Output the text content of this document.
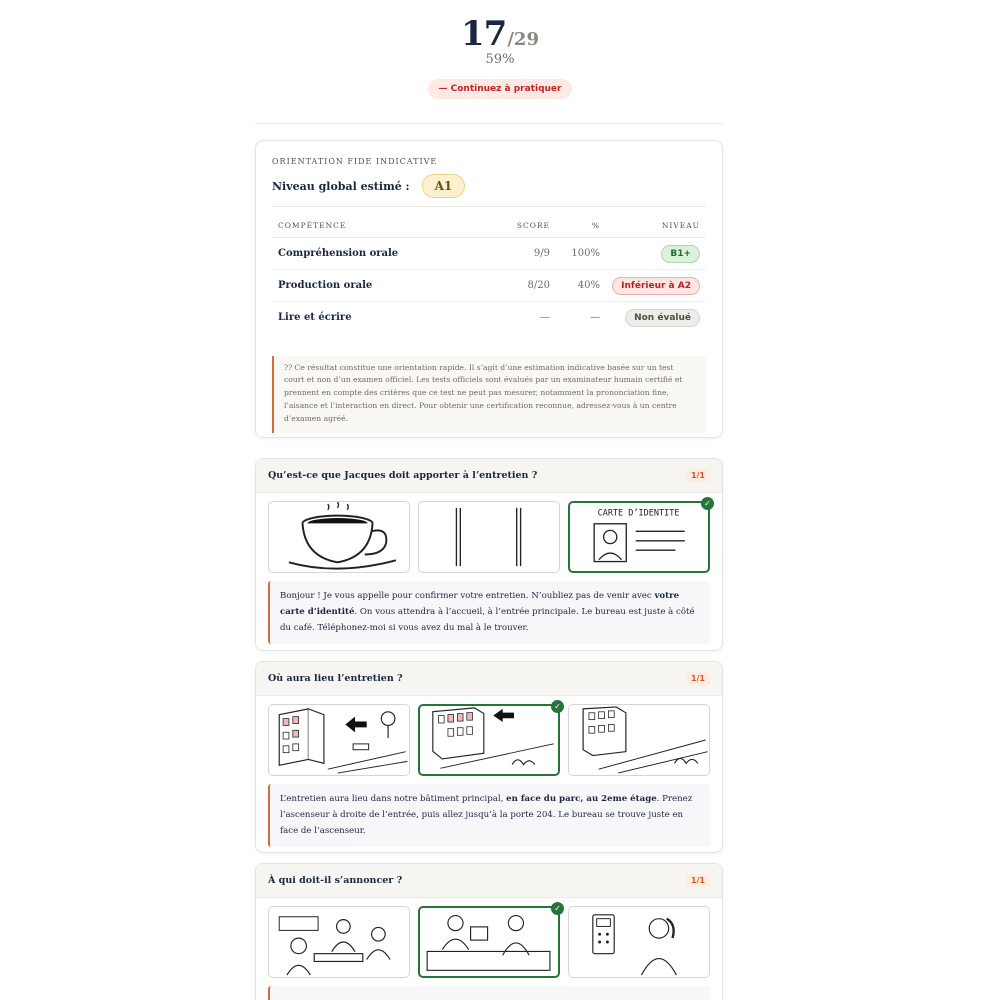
17/29
59%
— Continuez à pratiquer
ORIENTATION FIDE INDICATIVE
Niveau global estimé :	A1
COMPÉTENCE	SCORE	%	NIVEAU
Compréhension orale	9/9	100%	B1+
Production orale	8/20	40%	Inférieur à A2
Lire et écrire	—	—	Non évalué
?? Ce résultat constitue une orientation rapide. Il s’agit d’une estimation indicative basée sur un test court et non d’un examen officiel. Les tests officiels sont évalués par un examinateur humain certifié et prennent en compte des critères que ce test ne peut pas mesurer, notamment la prononciation fine, l’aisance et l’interaction en direct. Pour obtenir une certification reconnue, adressez-vous à un centre d’examen agréé.
Qu’est-ce que Jacques doit apporter à l’entretien ?	1/1
CARTE D’IDENTITE
✓
Bonjour ! Je vous appelle pour confirmer votre entretien. N’oubliez pas de venir avec votre carte d’identité. On vous attendra à l’accueil, à l’entrée principale. Le bureau est juste à côté du café. Téléphonez-moi si vous avez du mal à le trouver.
Où aura lieu l’entretien ?	1/1
✓
L’entretien aura lieu dans notre bâtiment principal, en face du parc, au 2eme étage. Prenez l’ascenseur à droite de l’entrée, puis allez jusqu’à la porte 204. Le bureau se trouve juste en face de l’ascenseur.
À qui doit-il s’annoncer ?	1/1
✓
